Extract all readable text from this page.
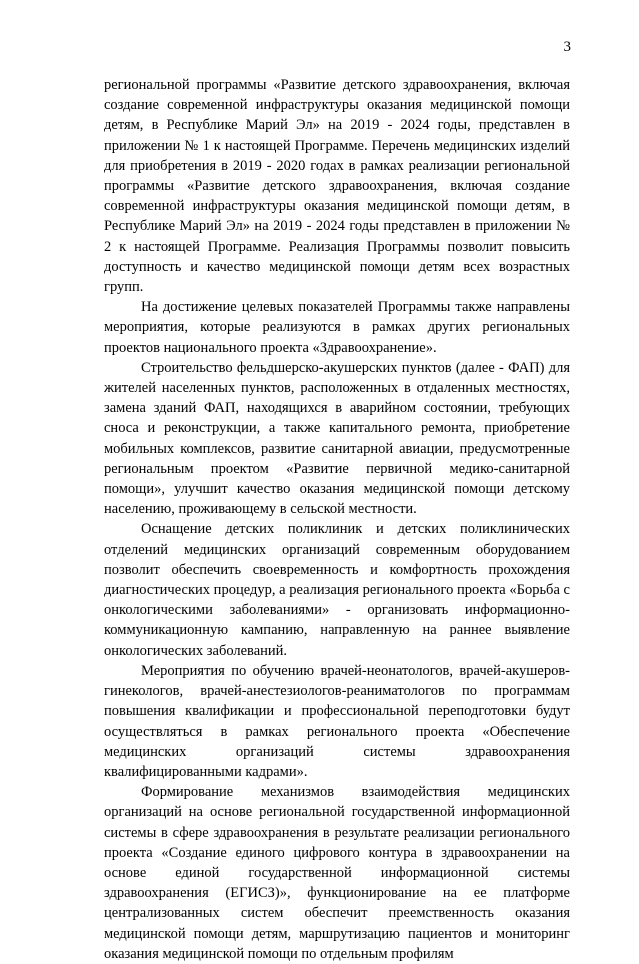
3

региональной программы «Развитие детского здравоохранения, включая создание современной инфраструктуры оказания медицинской помощи детям, в Республике Марий Эл» на 2019 - 2024 годы, представлен в приложении № 1 к настоящей Программе. Перечень медицинских изделий для приобретения в 2019 - 2020 годах в рамках реализации региональной программы «Развитие детского здравоохранения, включая создание современной инфраструктуры оказания медицинской помощи детям, в Республике Марий Эл» на 2019 - 2024 годы представлен в приложении № 2 к настоящей Программе. Реализация Программы позволит повысить доступность и качество медицинской помощи детям всех возрастных групп.

На достижение целевых показателей Программы также направлены мероприятия, которые реализуются в рамках других региональных проектов национального проекта «Здравоохранение».

Строительство фельдшерско-акушерских пунктов (далее - ФАП) для жителей населенных пунктов, расположенных в отдаленных местностях, замена зданий ФАП, находящихся в аварийном состоянии, требующих сноса и реконструкции, а также капитального ремонта, приобретение мобильных комплексов, развитие санитарной авиации, предусмотренные региональным проектом «Развитие первичной медико-санитарной помощи», улучшит качество оказания медицинской помощи детскому населению, проживающему в сельской местности.

Оснащение детских поликлиник и детских поликлинических отделений медицинских организаций современным оборудованием позволит обеспечить своевременность и комфортность прохождения диагностических процедур, а реализация регионального проекта «Борьба с онкологическими заболеваниями» - организовать информационно-коммуникационную кампанию, направленную на раннее выявление онкологических заболеваний.

Мероприятия по обучению врачей-неонатологов, врачей-акушеров-гинекологов, врачей-анестезиологов-реаниматологов по программам повышения квалификации и профессиональной переподготовки будут осуществляться в рамках регионального проекта «Обеспечение медицинских организаций системы здравоохранения квалифицированными кадрами».

Формирование механизмов взаимодействия медицинских организаций на основе региональной государственной информационной системы в сфере здравоохранения в результате реализации регионального проекта «Создание единого цифрового контура в здравоохранении на основе единой государственной информационной системы здравоохранения (ЕГИСЗ)», функционирование на ее платформе централизованных систем обеспечит преемственность оказания медицинской помощи детям, маршрутизацию пациентов и мониторинг оказания медицинской помощи по отдельным профилям
